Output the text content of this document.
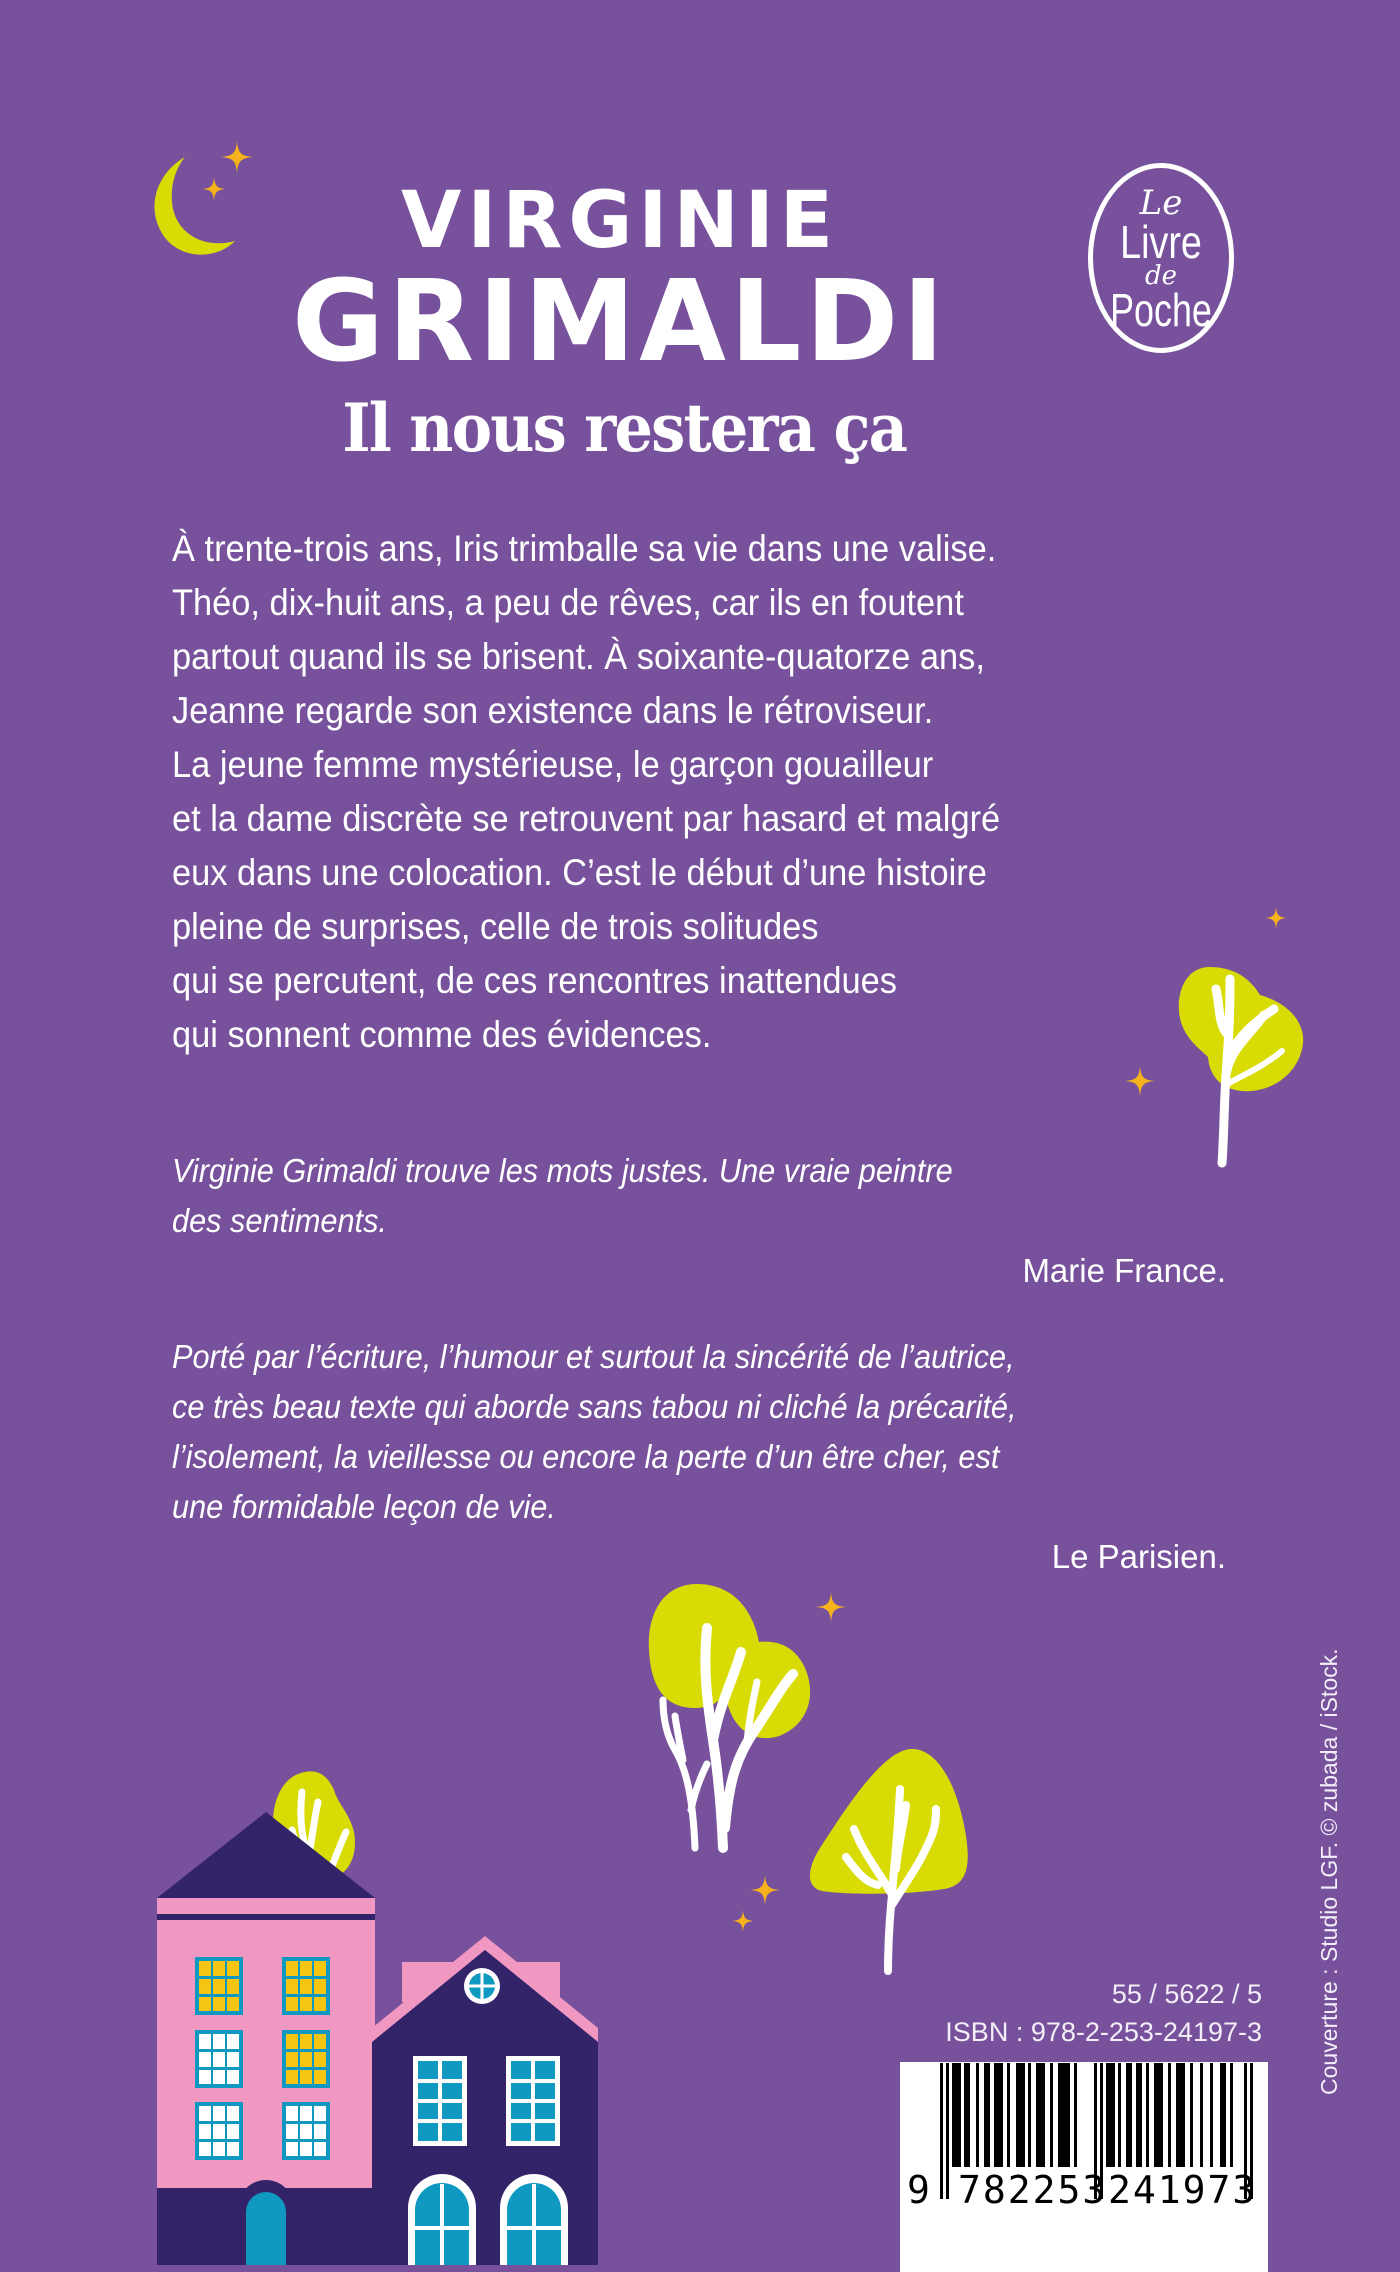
VIRGINIE
GRIMALDI
Il nous restera ça
Le
Livre
de
Poche
À trente-trois ans, Iris trimballe sa vie dans une valise.
Théo, dix-huit ans, a peu de rêves, car ils en foutent
partout quand ils se brisent. À soixante-quatorze ans,
Jeanne regarde son existence dans le rétroviseur.
La jeune femme mystérieuse, le garçon gouailleur
et la dame discrète se retrouvent par hasard et malgré
eux dans une colocation. C’est le début d’une histoire
pleine de surprises, celle de trois solitudes
qui se percutent, de ces rencontres inattendues
qui sonnent comme des évidences.
Virginie Grimaldi trouve les mots justes. Une vraie peintre
des sentiments.
Marie France.
Porté par l’écriture, l’humour et surtout la sincérité de l’autrice,
ce très beau texte qui aborde sans tabou ni cliché la précarité,
l’isolement, la vieillesse ou encore la perte d’un être cher, est
une formidable leçon de vie.
Le Parisien.
55 / 5622 / 5
ISBN : 978-2-253-24197-3
9 782253 241973
Couverture : Studio LGF. © zubada / iStock.
